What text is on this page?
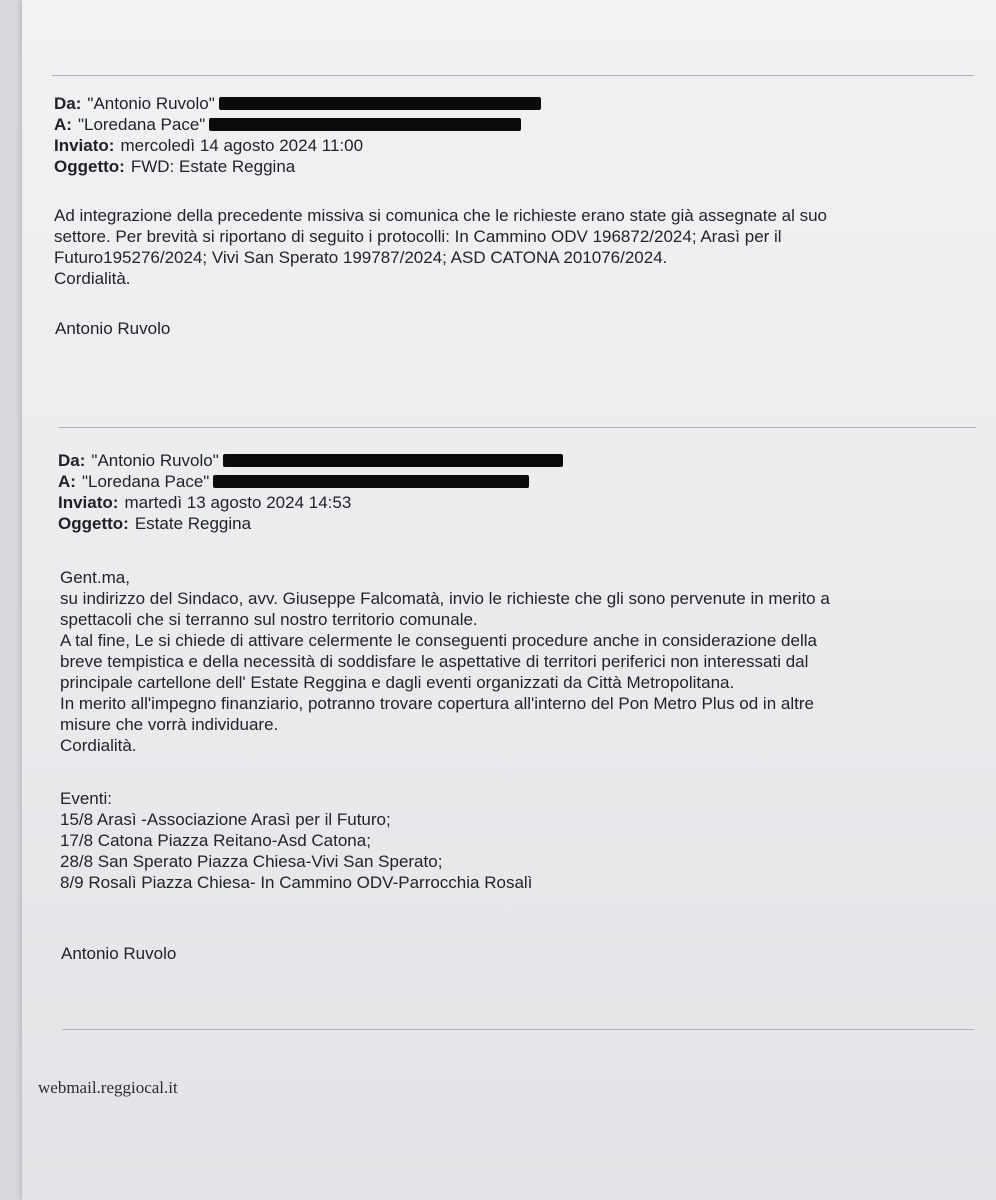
Da: "Antonio Ruvolo"
A: "Loredana Pace"
Inviato: mercoledì 14 agosto 2024 11:00
Oggetto: FWD: Estate Reggina

Ad integrazione della precedente missiva si comunica che le richieste erano state già assegnate al suo

settore. Per brevità si riportano di seguito i protocolli: In Cammino ODV 196872/2024; Arasì per il

Futuro195276/2024; Vivi San Sperato 199787/2024; ASD CATONA 201076/2024.

Cordialità.

Antonio Ruvolo
Da: "Antonio Ruvolo"
A: "Loredana Pace"
Inviato: martedì 13 agosto 2024 14:53
Oggetto: Estate Reggina

Gent.ma,

su indirizzo del Sindaco, avv. Giuseppe Falcomatà, invio le richieste che gli sono pervenute in merito a

spettacoli che si terranno sul nostro territorio comunale.

A tal fine, Le si chiede di attivare celermente le conseguenti procedure anche in considerazione della

breve tempistica e della necessità di soddisfare le aspettative di territori periferici non interessati dal

principale cartellone dell' Estate Reggina e dagli eventi organizzati da Città Metropolitana.

In merito all'impegno finanziario, potranno trovare copertura all'interno del Pon Metro Plus od in altre

misure che vorrà individuare.

Cordialità.

Eventi:

15/8 Arasì -Associazione Arasì per il Futuro;

17/8 Catona Piazza Reitano-Asd Catona;

28/8 San Sperato Piazza Chiesa-Vivi San Sperato;

8/9 Rosalì Piazza Chiesa- In Cammino ODV-Parrocchia Rosalì

Antonio Ruvolo
webmail.reggiocal.it
